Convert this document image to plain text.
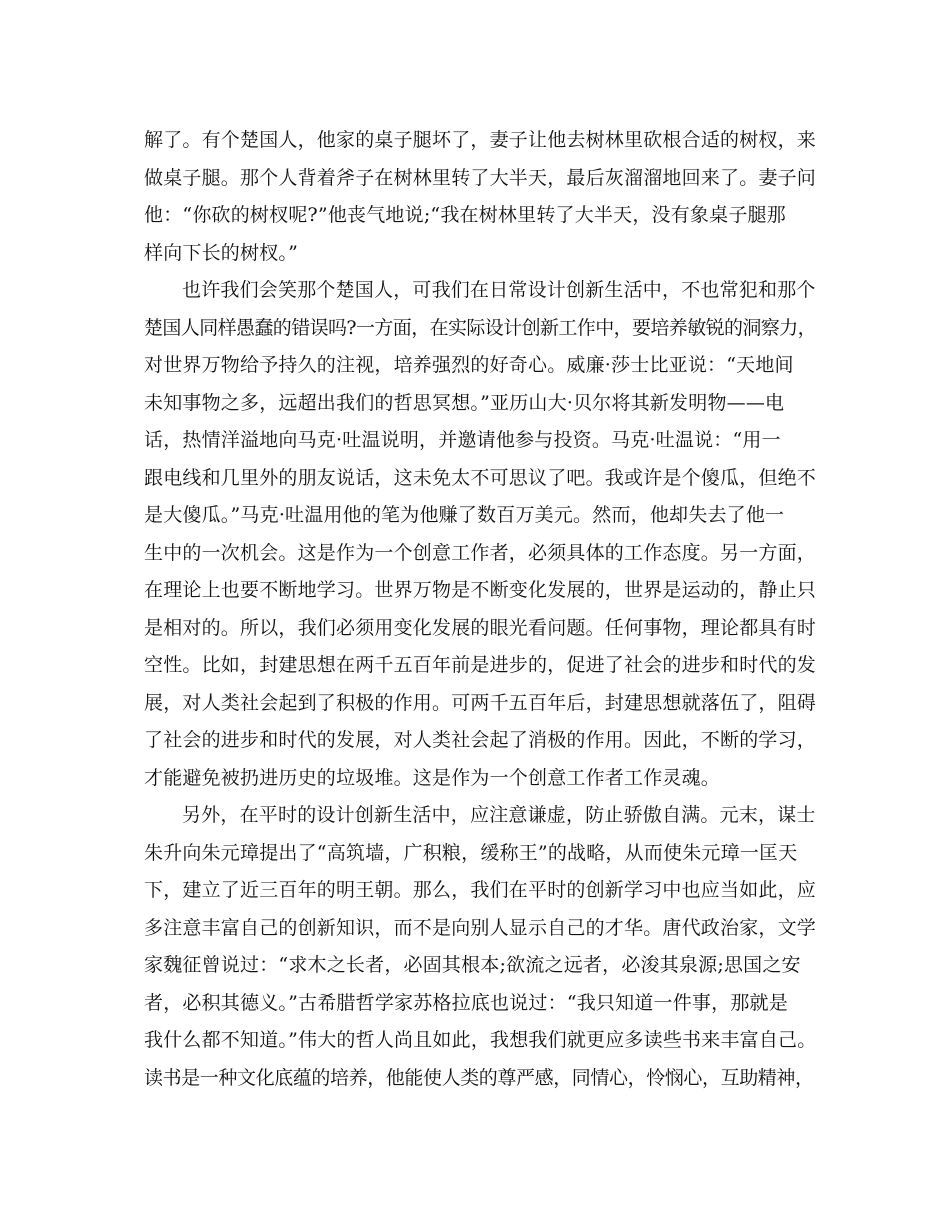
解了。有个楚国人，他家的桌子腿坏了，妻子让他去树林里砍根合适的树杈，来
做桌子腿。那个人背着斧子在树林里转了大半天，最后灰溜溜地回来了。妻子问
他：“你砍的树杈呢?”他丧气地说;“我在树林里转了大半天，没有象桌子腿那
样向下长的树杈。”
也许我们会笑那个楚国人，可我们在日常设计创新生活中，不也常犯和那个
楚国人同样愚蠢的错误吗?一方面，在实际设计创新工作中，要培养敏锐的洞察力，
对世界万物给予持久的注视，培养强烈的好奇心。威廉·莎士比亚说：“天地间
未知事物之多，远超出我们的哲思冥想。”亚历山大·贝尔将其新发明物——电
话，热情洋溢地向马克·吐温说明，并邀请他参与投资。马克·吐温说：“用一
跟电线和几里外的朋友说话，这未免太不可思议了吧。我或许是个傻瓜，但绝不
是大傻瓜。”马克·吐温用他的笔为他赚了数百万美元。然而，他却失去了他一
生中的一次机会。这是作为一个创意工作者，必须具体的工作态度。另一方面，
在理论上也要不断地学习。世界万物是不断变化发展的，世界是运动的，静止只
是相对的。所以，我们必须用变化发展的眼光看问题。任何事物，理论都具有时
空性。比如，封建思想在两千五百年前是进步的，促进了社会的进步和时代的发
展，对人类社会起到了积极的作用。可两千五百年后，封建思想就落伍了，阻碍
了社会的进步和时代的发展，对人类社会起了消极的作用。因此，不断的学习，
才能避免被扔进历史的垃圾堆。这是作为一个创意工作者工作灵魂。
另外，在平时的设计创新生活中，应注意谦虚，防止骄傲自满。元末，谋士
朱升向朱元璋提出了“高筑墙，广积粮，缓称王”的战略，从而使朱元璋一匡天
下，建立了近三百年的明王朝。那么，我们在平时的创新学习中也应当如此，应
多注意丰富自己的创新知识，而不是向别人显示自己的才华。唐代政治家，文学
家魏征曾说过：“求木之长者，必固其根本;欲流之远者，必浚其泉源;思国之安
者，必积其德义。”古希腊哲学家苏格拉底也说过：“我只知道一件事，那就是
我什么都不知道。”伟大的哲人尚且如此，我想我们就更应多读些书来丰富自己。
读书是一种文化底蕴的培养，他能使人类的尊严感，同情心，怜悯心，互助精神，
